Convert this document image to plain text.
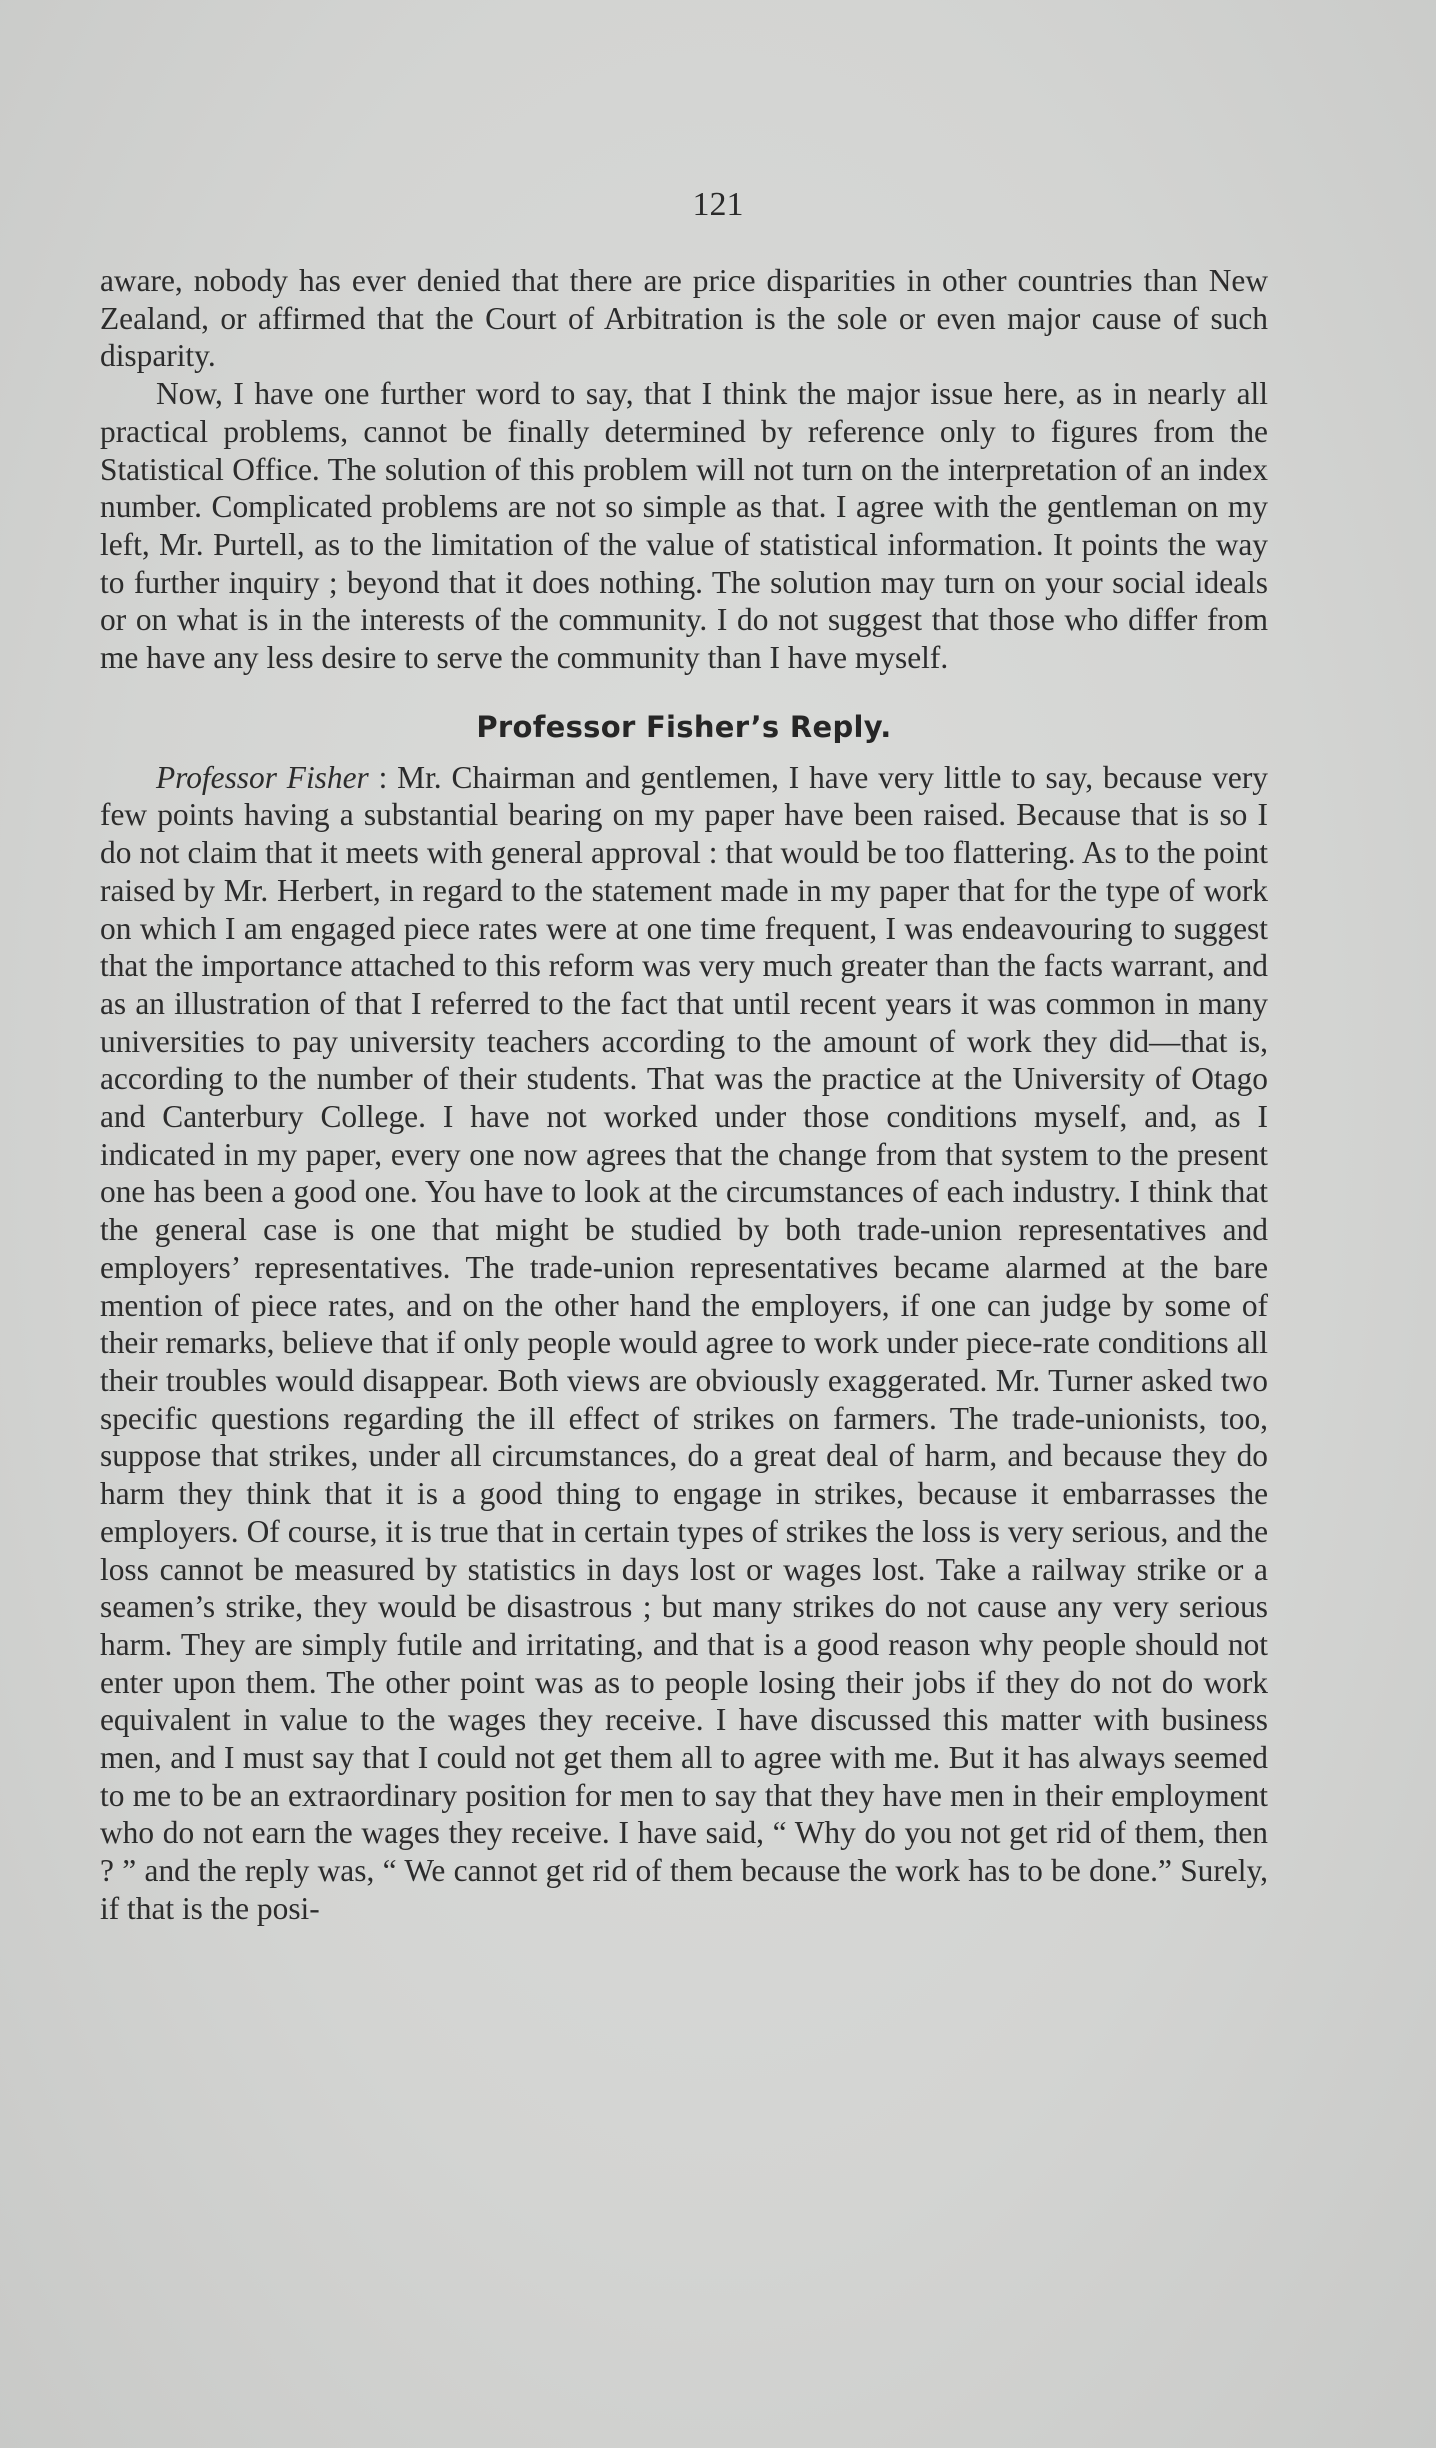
121

aware, nobody has ever denied that there are price disparities in other countries than New Zealand, or affirmed that the Court of Arbitration is the sole or even major cause of such disparity.

Now, I have one further word to say, that I think the major issue here, as in nearly all practical problems, cannot be finally determined by reference only to figures from the Statistical Office. The solution of this problem will not turn on the interpretation of an index number. Complicated problems are not so simple as that. I agree with the gentleman on my left, Mr. Purtell, as to the limitation of the value of statistical information. It points the way to further inquiry ; beyond that it does nothing. The solution may turn on your social ideals or on what is in the interests of the community. I do not suggest that those who differ from me have any less desire to serve the community than I have myself.

Professor Fisher’s Reply.

Professor Fisher : Mr. Chairman and gentlemen, I have very little to say, because very few points having a substantial bearing on my paper have been raised. Because that is so I do not claim that it meets with general approval : that would be too flattering. As to the point raised by Mr. Herbert, in regard to the statement made in my paper that for the type of work on which I am engaged piece rates were at one time frequent, I was endeavouring to suggest that the importance attached to this reform was very much greater than the facts warrant, and as an illustration of that I referred to the fact that until recent years it was common in many universities to pay university teachers according to the amount of work they did—that is, according to the number of their students. That was the practice at the University of Otago and Canterbury College. I have not worked under those conditions myself, and, as I indicated in my paper, every one now agrees that the change from that system to the present one has been a good one. You have to look at the circumstances of each industry. I think that the general case is one that might be studied by both trade-union representatives and employers’ representatives. The trade-union representatives became alarmed at the bare mention of piece rates, and on the other hand the employers, if one can judge by some of their remarks, believe that if only people would agree to work under piece-rate conditions all their troubles would disappear. Both views are obviously exaggerated. Mr. Turner asked two specific questions regarding the ill effect of strikes on farmers. The trade-unionists, too, suppose that strikes, under all circumstances, do a great deal of harm, and because they do harm they think that it is a good thing to engage in strikes, because it embarrasses the employers. Of course, it is true that in certain types of strikes the loss is very serious, and the loss cannot be measured by statistics in days lost or wages lost. Take a railway strike or a seamen’s strike, they would be disastrous ; but many strikes do not cause any very serious harm. They are simply futile and irritating, and that is a good reason why people should not enter upon them. The other point was as to people losing their jobs if they do not do work equivalent in value to the wages they receive. I have discussed this matter with business men, and I must say that I could not get them all to agree with me. But it has always seemed to me to be an extraordinary position for men to say that they have men in their employment who do not earn the wages they receive. I have said, “ Why do you not get rid of them, then ? ” and the reply was, “ We cannot get rid of them because the work has to be done.” Surely, if that is the posi-
